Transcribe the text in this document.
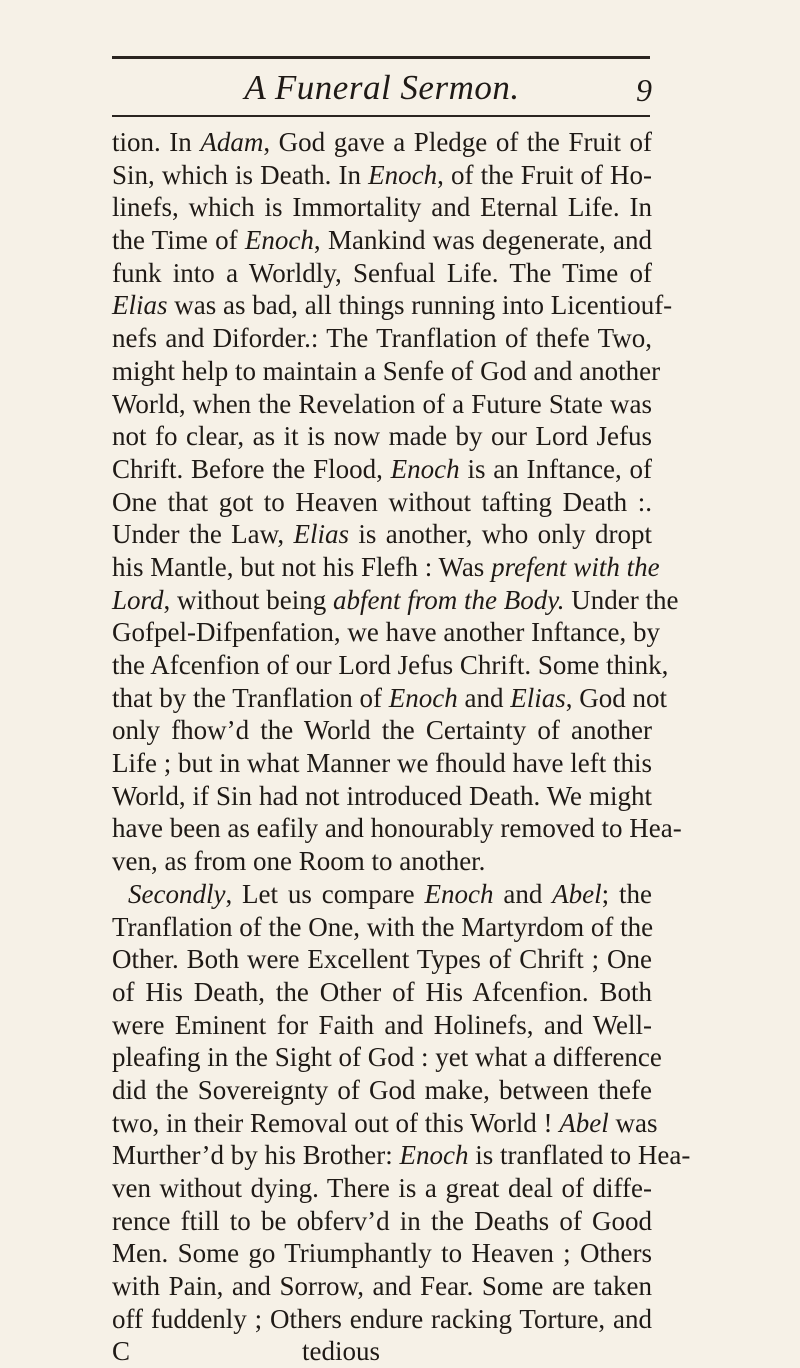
A Funeral Sermon.	9
tion. In Adam, God gave a Pledge of the Fruit of
Sin, which is Death. In Enoch, of the Fruit of Ho-
linefs, which is Immortality and Eternal Life. In
the Time of Enoch, Mankind was degenerate, and
funk into a Worldly, Senfual Life. The Time of
Elias was as bad, all things running into Licentiouf-
nefs and Diforder.: The Tranflation of thefe Two,
might help to maintain a Senfe of God and another
World, when the Revelation of a Future State was
not fo clear, as it is now made by our Lord Jefus
Chrift. Before the Flood, Enoch is an Inftance, of
One that got to Heaven without tafting Death :.
Under the Law, Elias is another, who only dropt
his Mantle, but not his Flefh : Was prefent with the
Lord, without being abfent from the Body. Under the
Gofpel-Difpenfation, we have another Inftance, by
the Afcenfion of our Lord Jefus Chrift. Some think,
that by the Tranflation of Enoch and Elias, God not
only fhow’d the World the Certainty of another
Life ; but in what Manner we fhould have left this
World, if Sin had not introduced Death. We might
have been as eafily and honourably removed to Hea-
ven, as from one Room to another.
Secondly, Let us compare Enoch and Abel; the
Tranflation of the One, with the Martyrdom of the
Other. Both were Excellent Types of Chrift ; One
of His Death, the Other of His Afcenfion. Both
were Eminent for Faith and Holinefs, and Well-
pleafing in the Sight of God : yet what a difference
did the Sovereignty of God make, between thefe
two, in their Removal out of this World ! Abel was
Murther’d by his Brother: Enoch is tranflated to Hea-
ven without dying. There is a great deal of diffe-
rence ftill to be obferv’d in the Deaths of Good
Men. Some go Triumphantly to Heaven ; Others
with Pain, and Sorrow, and Fear. Some are taken
off fuddenly ; Others endure racking Torture, and
C	tedious
